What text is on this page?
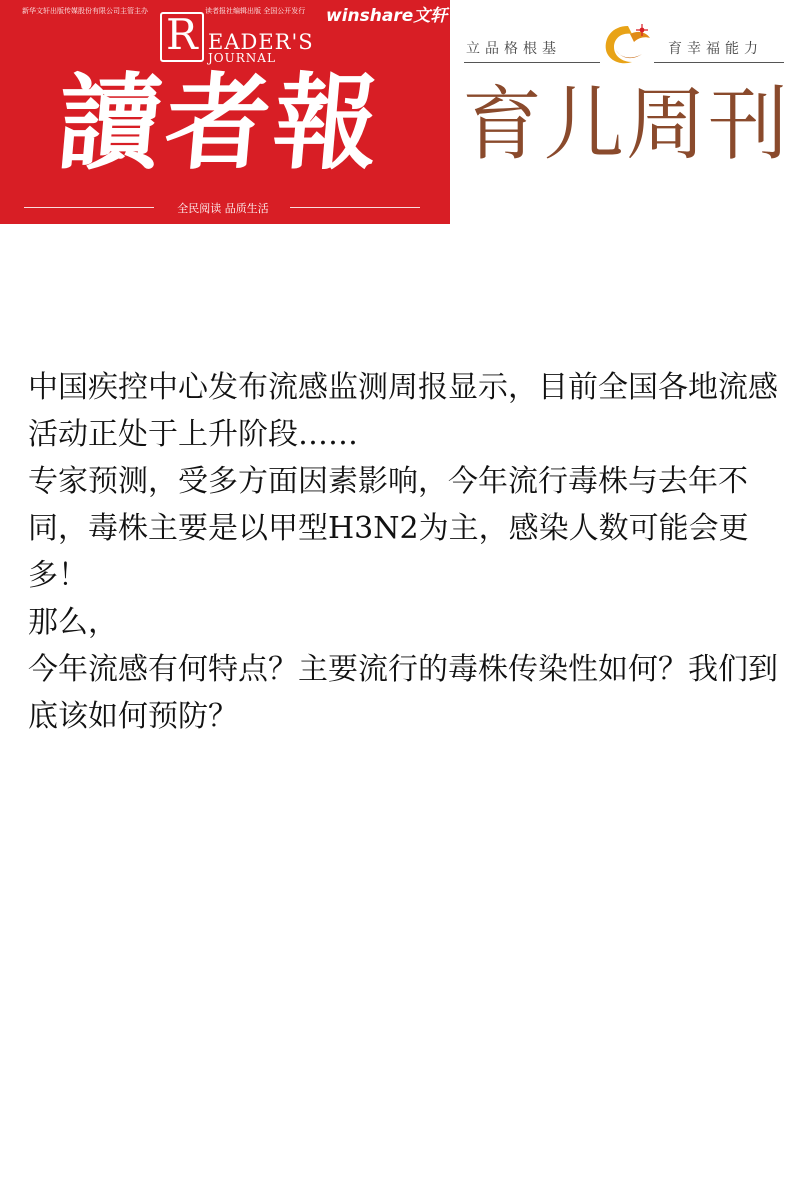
新华文轩出版传媒股份有限公司主管主办 R EADER'S
JOURNAL
读者报社编辑出版 全国公开发行 winshare文轩
讀者報
全民阅读 品质生活
立品格根基	育幸福能力
育儿周刊

中国疾控中心发布流感监测周报显示，目前全国各地流感活动正处于上升阶段……

专家预测，受多方面因素影响，今年流行毒株与去年不同，毒株主要是以甲型H3N2为主，感染人数可能会更多！

那么，

今年流感有何特点？主要流行的毒株传染性如何？我们到底该如何预防？
